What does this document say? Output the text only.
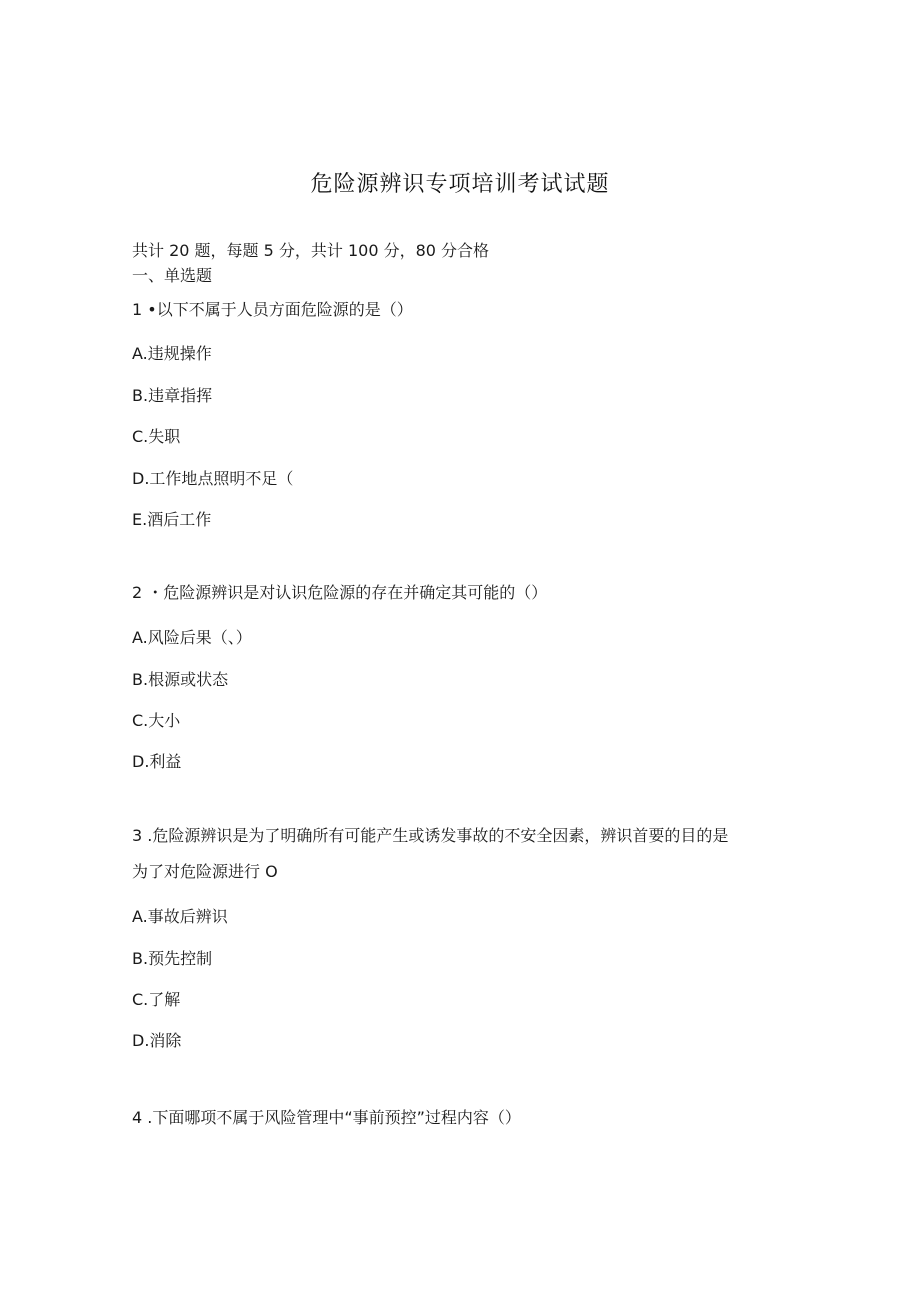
危险源辨识专项培训考试试题
共计 20 题，每题 5 分，共计 100 分，80 分合格
一、单选题
1 •以下不属于人员方面危险源的是（）
A.违规操作
B.违章指挥
C.失职
D.工作地点照明不足（
E.酒后工作
2 ・危险源辨识是对认识危险源的存在并确定其可能的（）
A.风险后果（、）
B.根源或状态
C.大小
D.利益
3 .危险源辨识是为了明确所有可能产生或诱发事故的不安全因素，辨识首要的目的是
为了对危险源进行 O
A.事故后辨识
B.预先控制
C.了解
D.消除
4 .下面哪项不属于风险管理中“事前预控”过程内容（）
